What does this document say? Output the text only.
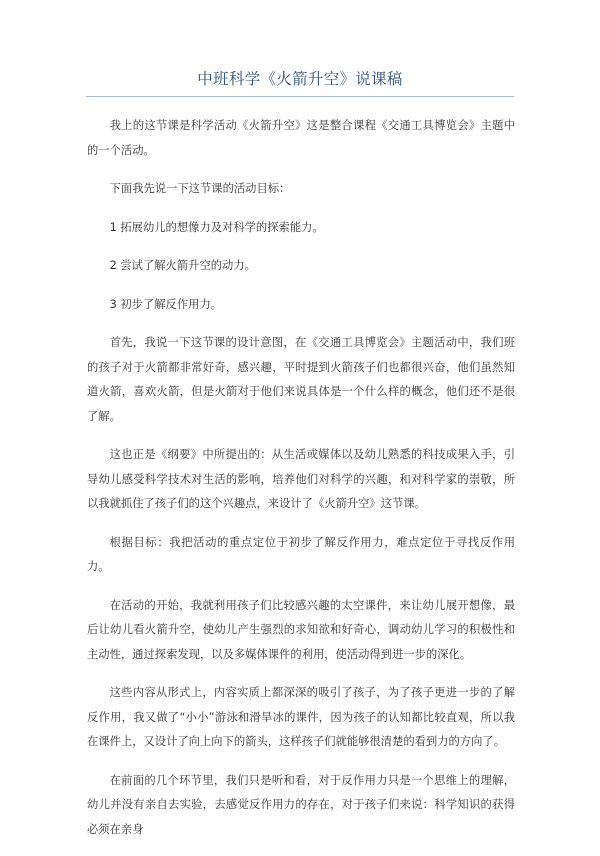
中班科学《火箭升空》说课稿

我上的这节课是科学活动《火箭升空》这是整合课程《交通工具博览会》主题中的一个活动。

下面我先说一下这节课的活动目标：

1 拓展幼儿的想像力及对科学的探索能力。

2 尝试了解火箭升空的动力。

3 初步了解反作用力。

首先，我说一下这节课的设计意图，在《交通工具博览会》主题活动中，我们班的孩子对于火箭都非常好奇，感兴趣，平时提到火箭孩子们也都很兴奋，他们虽然知道火箭，喜欢火箭，但是火箭对于他们来说具体是一个什么样的概念，他们还不是很了解。

这也正是《纲要》中所提出的：从生活或媒体以及幼儿熟悉的科技成果入手，引导幼儿感受科学技术对生活的影响，培养他们对科学的兴趣，和对科学家的崇敬，所以我就抓住了孩子们的这个兴趣点，来设计了《火箭升空》这节课。

根据目标：我把活动的重点定位于初步了解反作用力，难点定位于寻找反作用力。

在活动的开始，我就利用孩子们比较感兴趣的太空课件，来让幼儿展开想像，最后让幼儿看火箭升空，使幼儿产生强烈的求知欲和好奇心，调动幼儿学习的积极性和主动性，通过探索发现，以及多媒体课件的利用，使活动得到进一步的深化。

这些内容从形式上，内容实质上都深深的吸引了孩子，为了孩子更进一步的了解反作用，我又做了“小小”游泳和滑旱冰的课件，因为孩子的认知都比较直观，所以我在课件上，又设计了向上向下的箭头，这样孩子们就能够很清楚的看到力的方向了。

在前面的几个环节里，我们只是听和看，对于反作用力只是一个思维上的理解，幼儿并没有亲自去实验，去感觉反作用力的存在，对于孩子们来说：科学知识的获得必须在亲身
